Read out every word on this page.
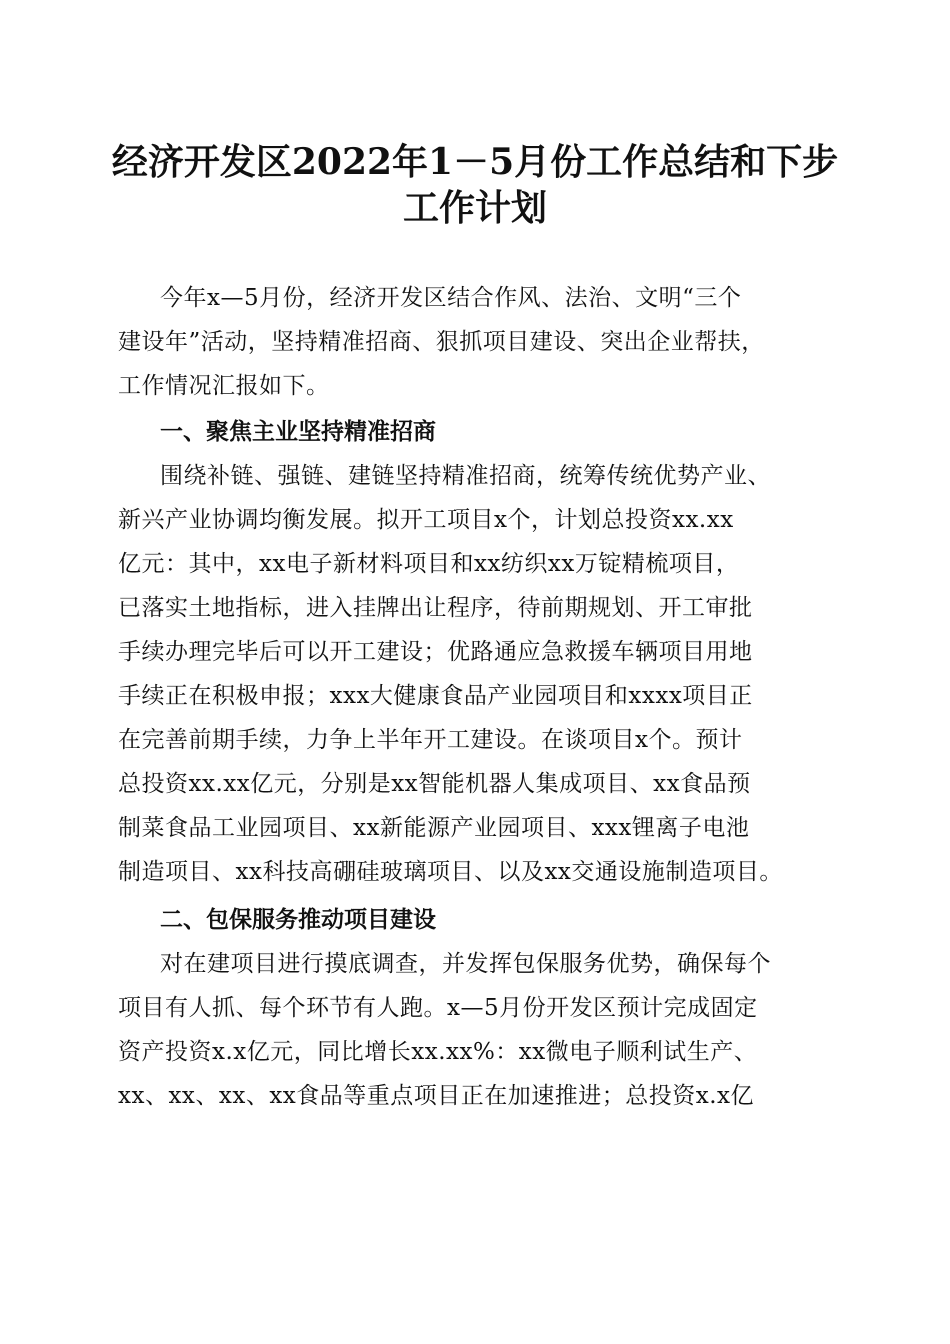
经济开发区2022年1－5月份工作总结和下步
工作计划

今年x—5月份，经济开发区结合作风、法治、文明“三个

建设年”活动，坚持精准招商、狠抓项目建设、突出企业帮扶，

工作情况汇报如下。

一、聚焦主业坚持精准招商

围绕补链、强链、建链坚持精准招商，统筹传统优势产业、

新兴产业协调均衡发展。拟开工项目x个，计划总投资xx.xx

亿元：其中，xx电子新材料项目和xx纺织xx万锭精梳项目，

已落实土地指标，进入挂牌出让程序，待前期规划、开工审批

手续办理完毕后可以开工建设；优路通应急救援车辆项目用地

手续正在积极申报；xxx大健康食品产业园项目和xxxx项目正

在完善前期手续，力争上半年开工建设。在谈项目x个。预计

总投资xx.xx亿元，分别是xx智能机器人集成项目、xx食品预

制菜食品工业园项目、xx新能源产业园项目、xxx锂离子电池

制造项目、xx科技高硼硅玻璃项目、以及xx交通设施制造项目。

二、包保服务推动项目建设

对在建项目进行摸底调查，并发挥包保服务优势，确保每个

项目有人抓、每个环节有人跑。x—5月份开发区预计完成固定

资产投资x.x亿元，同比增长xx.xx%：xx微电子顺利试生产、

xx、xx、xx、xx食品等重点项目正在加速推进；总投资x.x亿
